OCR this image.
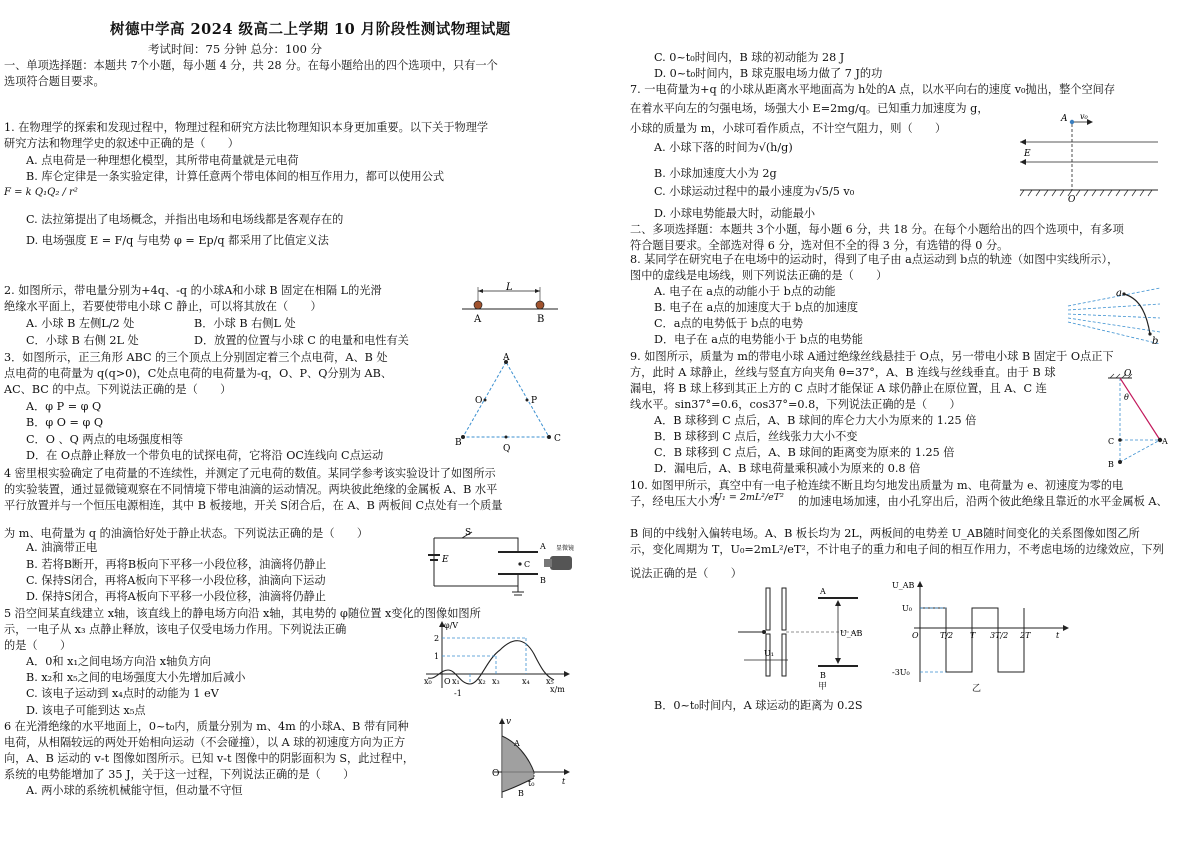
树德中学高 2024 级高二上学期 10 月阶段性测试物理试题
考试时间：75 分钟 总分：100 分
一、单项选择题：本题共 7个小题，每小题 4 分，共 28 分。在每小题给出的四个选项中，只有一个
选项符合题目要求。
1. 在物理学的探索和发现过程中，物理过程和研究方法比物理知识本身更加重要。以下关于物理学
研究方法和物理学史的叙述中正确的是（　　）
A. 点电荷是一种理想化模型，其所带电荷量就是元电荷
B. 库仑定律是一条实验定律，计算任意两个带电体间的相互作用力，都可以使用公式
F = k Q₁Q₂ / r²
C. 法拉第提出了电场概念，并指出电场和电场线都是客观存在的
D. 电场强度 E = F/q 与电势 φ = Ep/q 都采用了比值定义法
2. 如图所示，带电量分别为+4q、-q 的小球A和小球 B 固定在相隔 L的光滑
绝缘水平面上，若要使带电小球 C 静止，可以将其放在（　　）
A. 小球 B 左侧L/2 处	B．小球 B 右侧L 处
C．小球 B 右侧 2L 处	D．放置的位置与小球 C 的电量和电性有关
L
A	B
3．如图所示，正三角形 ABC 的三个顶点上分别固定着三个点电荷，A、B 处
点电荷的电荷量为 q(q>0)，C处点电荷的电荷量为-q，O、P、Q分别为 AB、
AC、BC 的中点。下列说法正确的是（　　）
A．φ P = φ Q
B．φ O = φ Q
C．O 、Q 两点的电场强度相等
D．在 O点静止释放一个带负电的试探电荷，它将沿 OC连线向 C点运动
A
O	P
B
Q
C
4 密里根实验确定了电荷量的不连续性，并测定了元电荷的数值。某同学参考该实验设计了如图所示
的实验装置，通过显微镜观察在不同情境下带电油滴的运动情况。两块彼此绝缘的金属板 A、B 水平
平行放置并与一个恒压电源相连，其中 B 板接地，开关 S闭合后，在 A、B 两板间 C点处有一个质量
为 m、电荷量为 q 的油滴恰好处于静止状态。下列说法正确的是（　　）
A. 油滴带正电
B. 若将B断开，再将B板向下平移一小段位移，油滴将仍静止
C. 保持S闭合，再将A板向下平移一小段位移，油滴向下运动
D. 保持S闭合，再将A板向下平移一小段位移，油滴将仍静止
S
E
A
B
C
显微镜
5 沿空间某直线建立 x轴，该直线上的静电场方向沿 x轴，其电势的 φ随位置 x变化的图像如图所
示，一电子从 x₃ 点静止释放，该电子仅受电场力作用。下列说法正确
的是（　　）
A．0和 x₁之间电场方向沿 x轴负方向
B. x₂和 x₅之间的电场强度大小先增加后减小
C. 该电子运动到 x₄点时的动能为 1 eV
D. 该电子可能到达 x₅点
φ/V
x/m
2
1
-1
O
x₀	x₁ x₂ x₃	x₄ x₅
6 在光滑绝缘的水平地面上，0~t₀内，质量分别为 m、4m 的小球A、B 带有同种
电荷，从相隔较远的两处开始相向运动（不会碰撞），以 A 球的初速度方向为正方
向，A、B 运动的 v-t 图像如图所示。已知 v-t 图像中的阴影面积为 S，此过程中，
系统的电势能增加了 35 J，关于这一过程，下列说法正确的是（　　）
A. 两小球的系统机械能守恒，但动量不守恒
v
A
O
t₀	t
B
C. 0~t₀时间内，B 球的初动能为 28 J
D. 0~t₀时间内，B 球克服电场力做了 7 J的功
7. 一电荷量为+q 的小球从距离水平地面高为 h处的A 点，以水平向右的速度 v₀抛出，整个空间存
在着水平向左的匀强电场，场强大小 E=2mg/q。已知重力加速度为 g，
小球的质量为 m，小球可看作质点，不计空气阻力，则（　　）
A. 小球下落的时间为√(h/g)
B. 小球加速度大小为 2g
C. 小球运动过程中的最小速度为√5/5 v₀
D. 小球电势能最大时，动能最小
A v₀
E
O
二、多项选择题：本题共 3个小题，每小题 6 分，共 18 分。在每个小题给出的四个选项中，有多项
符合题目要求。全部选对得 6 分，选对但不全的得 3 分，有选错的得 0 分。
8. 某同学在研究电子在电场中的运动时，得到了电子由 a点运动到 b点的轨迹（如图中实线所示），
图中的虚线是电场线，则下列说法正确的是（　　）
A. 电子在 a点的动能小于 b点的动能
B. 电子在 a点的加速度大于 b点的加速度
C．a点的电势低于 b点的电势
D．电子在 a点的电势能小于 b点的电势能
a
b
9. 如图所示，质量为 m的带电小球 A通过绝缘丝线悬挂于 O点，另一带电小球 B 固定于 O点正下
方，此时 A 球静止，丝线与竖直方向夹角 θ=37°，A、B 连线与丝线垂直。由于 B 球
漏电，将 B 球上移到其正上方的 C 点时才能保证 A 球仍静止在原位置，且 A、C 连
线水平。sin37°=0.6，cos37°=0.8，下列说法正确的是（　　）
A．B 球移到 C 点后，A、B 球间的库仑力大小为原来的 1.25 倍
B．B 球移到 C 点后，丝线张力大小不变
C．B 球移到 C 点后，A、B 球间的距离变为原来的 1.25 倍
D．漏电后，A、B 球电荷量乘积减小为原来的 0.8 倍
O
θ
C	A
B
10. 如图甲所示，真空中有一电子枪连续不断且均匀地发出质量为 m、电荷量为 e、初速度为零的电
子，经电压大小为
U₁ = 2mL²/eT² 的加速电场加速，由小孔穿出后，沿两个彼此绝缘且靠近的水平金属板 A、
B 间的中线射入偏转电场。A、B 板长均为 2L，两板间的电势差 U_AB随时间变化的关系图像如图乙所
示，变化周期为 T，U₀=2mL²/eT²，不计电子的重力和电子间的相互作用力，不考虑电场的边缘效应，下列
说法正确的是（　　）
A
B
U_AB
U₁
甲
U_AB
U₀
O	T/2 T 3T/2 2T	t
-3U₀
乙
B．0~t₀时间内，A 球运动的距离为 0.2S
